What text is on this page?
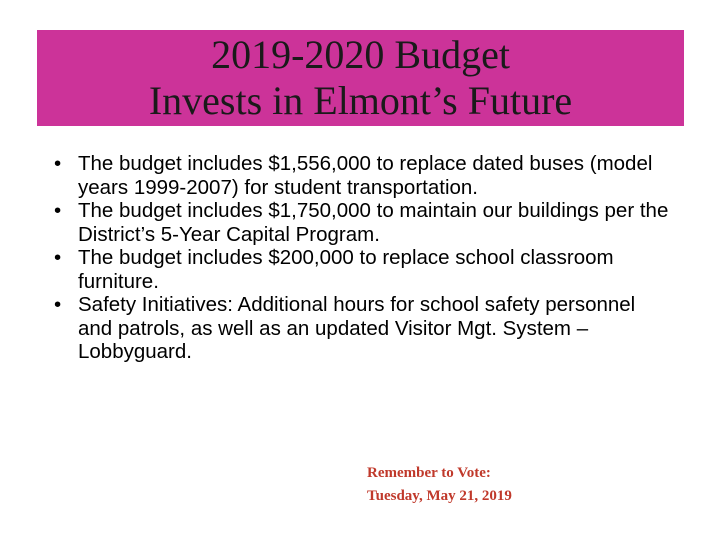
2019-2020 Budget
Invests in Elmont’s Future
• The budget includes $1,556,000 to replace dated buses (model years 1999-2007) for student transportation.
• The budget includes $1,750,000 to maintain our buildings per the District’s 5-Year Capital Program.
• The budget includes $200,000 to replace school classroom furniture.
• Safety Initiatives: Additional hours for school safety personnel and patrols, as well as an updated Visitor Mgt. System – Lobbyguard.
Remember to Vote:
Tuesday, May 21, 2019
